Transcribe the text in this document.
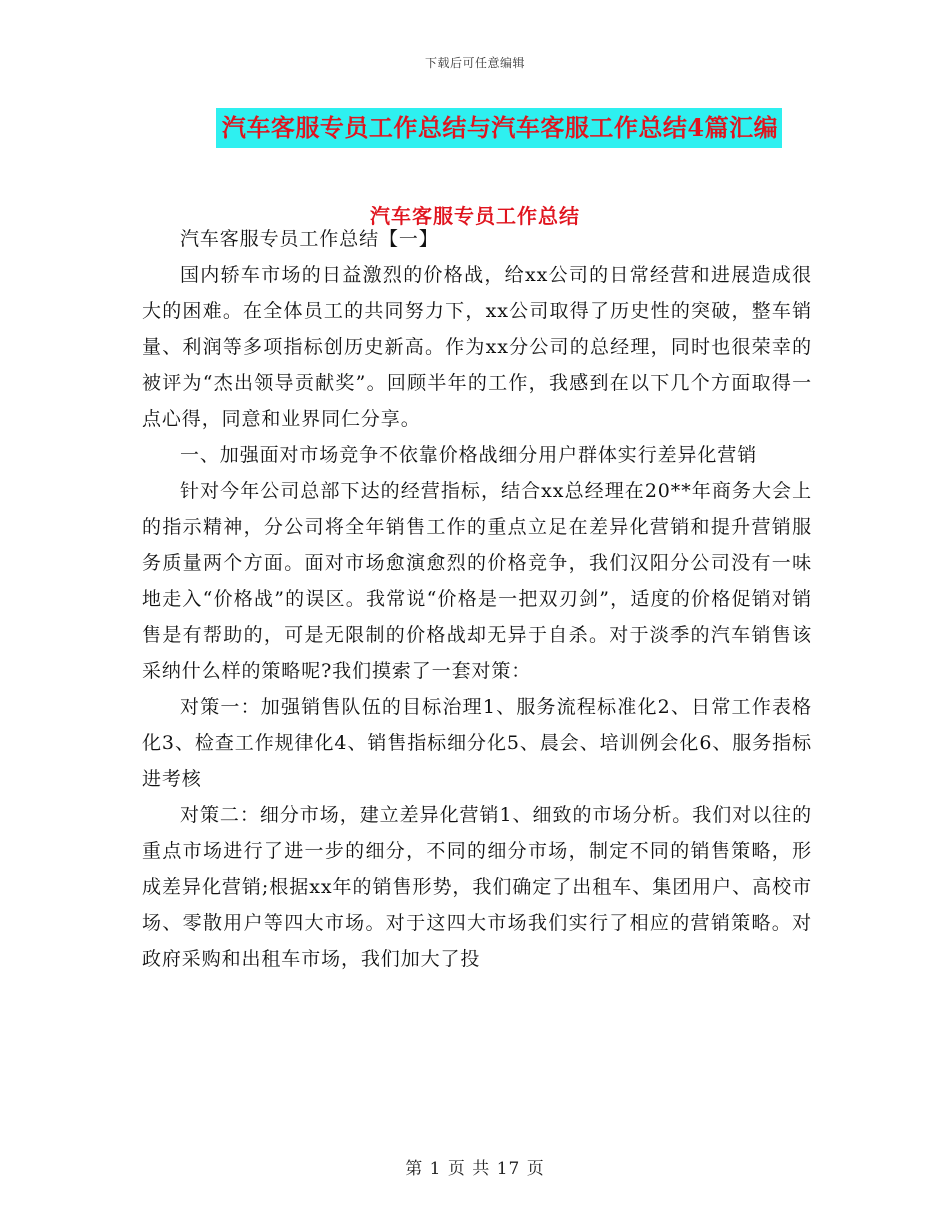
下载后可任意编辑
汽车客服专员工作总结与汽车客服工作总结4篇汇编
汽车客服专员工作总结

汽车客服专员工作总结【一】

国内轿车市场的日益激烈的价格战，给xx公司的日常经营和进展造成很大的困难。在全体员工的共同努力下，xx公司取得了历史性的突破，整车销量、利润等多项指标创历史新高。作为xx分公司的总经理，同时也很荣幸的被评为“杰出领导贡献奖”。回顾半年的工作，我感到在以下几个方面取得一点心得，同意和业界同仁分享。

一、加强面对市场竞争不依靠价格战细分用户群体实行差异化营销

针对今年公司总部下达的经营指标，结合xx总经理在20**年商务大会上的指示精神，分公司将全年销售工作的重点立足在差异化营销和提升营销服务质量两个方面。面对市场愈演愈烈的价格竞争，我们汉阳分公司没有一味地走入“价格战”的误区。我常说“价格是一把双刃剑”，适度的价格促销对销售是有帮助的，可是无限制的价格战却无异于自杀。对于淡季的汽车销售该采纳什么样的策略呢?我们摸索了一套对策：

对策一：加强销售队伍的目标治理1、服务流程标准化2、日常工作表格化3、检查工作规律化4、销售指标细分化5、晨会、培训例会化6、服务指标进考核

对策二：细分市场，建立差异化营销1、细致的市场分析。我们对以往的重点市场进行了进一步的细分，不同的细分市场，制定不同的销售策略，形成差异化营销;根据xx年的销售形势，我们确定了出租车、集团用户、高校市场、零散用户等四大市场。对于这四大市场我们实行了相应的营销策略。对政府采购和出租车市场，我们加大了投

第 1 页 共 17 页
